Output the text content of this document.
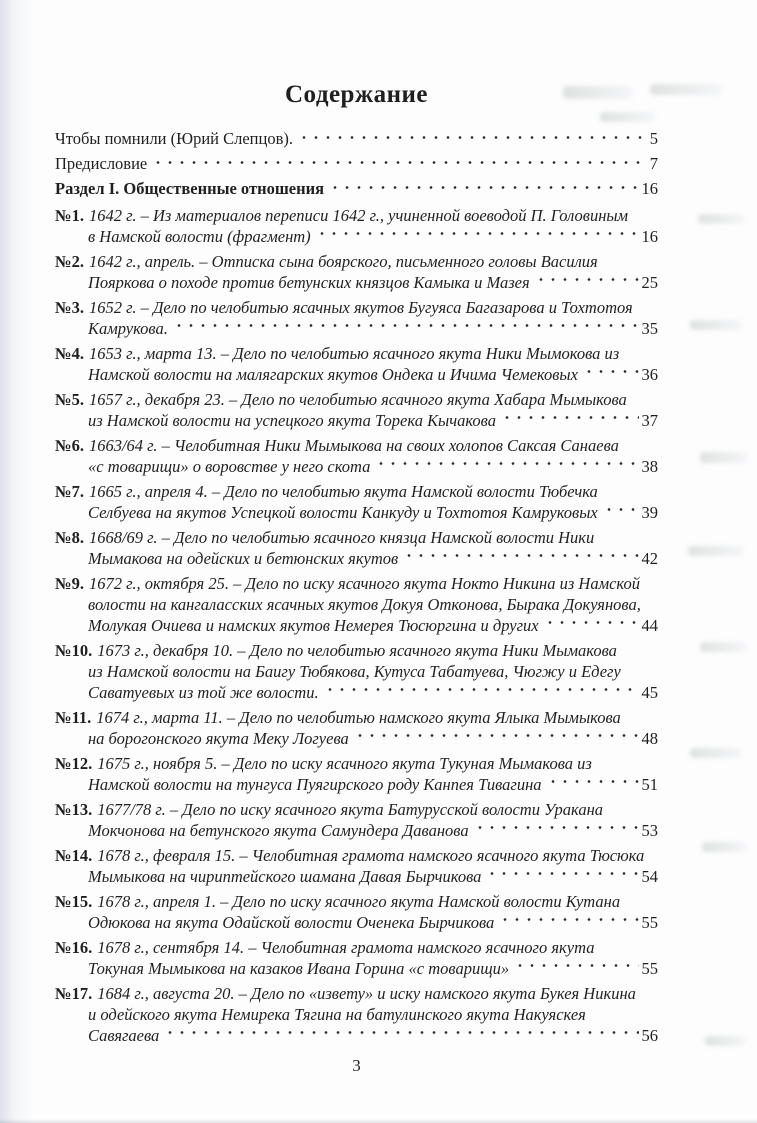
Содержание
Чтобы помнили (Юрий Слепцов).	5
Предисловие	7
Раздел I. Общественные отношения	16
№1. 1642 г. – Из материалов переписи 1642 г., учиненной воеводой П. Головиным
в Намской волости (фрагмент)	16
№2. 1642 г., апрель. – Отписка сына боярского, письменного головы Василия
Пояркова о походе против бетунских князцов Камыка и Мазея	25
№3. 1652 г. – Дело по челобитью ясачных якутов Бугуяса Багазарова и Тохтотоя
Камрукова.	35
№4. 1653 г., марта 13. – Дело по челобитью ясачного якута Ники Мымокова из
Намской волости на малягарских якутов Ондека и Ичима Чемековых	36
№5. 1657 г., декабря 23. – Дело по челобитью ясачного якута Хабара Мымыкова
из Намской волости на успецкого якута Торека Кычакова	37
№6. 1663/64 г. – Челобитная Ники Мымыкова на своих холопов Саксая Санаева
«с товарищи» о воровстве у него скота	38
№7. 1665 г., апреля 4. – Дело по челобитью якута Намской волости Тюбечка
Селбуева на якутов Успецкой волости Канкуду и Тохтотоя Камруковых	39
№8. 1668/69 г. – Дело по челобитью ясачного князца Намской волости Ники
Мымакова на одейских и бетюнских якутов	42
№9. 1672 г., октября 25. – Дело по иску ясачного якута Нокто Никина из Намской
волости на кангаласских ясачных якутов Докуя Отконова, Бырака Докуянова,
Молукая Очиева и намских якутов Немерея Тюсюргина и других	44
№10. 1673 г., декабря 10. – Дело по челобитью ясачного якута Ники Мымакова
из Намской волости на Баигу Тюбякова, Кутуса Табатуева, Чюгжу и Едегу
Саватуевых из той же волости.	45
№11. 1674 г., марта 11. – Дело по челобитью намского якута Ялыка Мымыкова
на борогонского якута Меку Логуева	48
№12. 1675 г., ноября 5. – Дело по иску ясачного якута Тукуная Мымакова из
Намской волости на тунгуса Пуягирского роду Канпея Тивагина	51
№13. 1677/78 г. – Дело по иску ясачного якута Батурусской волости Уракана
Мокчонова на бетунского якута Самундера Даванова	53
№14. 1678 г., февраля 15. – Челобитная грамота намского ясачного якута Тюсюка
Мымыкова на чириптейского шамана Давая Бырчикова	54
№15. 1678 г., апреля 1. – Дело по иску ясачного якута Намской волости Кутана
Одюкова на якута Одайской волости Оченека Бырчикова	55
№16. 1678 г., сентября 14. – Челобитная грамота намского ясачного якута
Токуная Мымыкова на казаков Ивана Горина «с товарищи»	55
№17. 1684 г., августа 20. – Дело по «извету» и иску намского якута Букея Никина
и одейского якута Немирека Тягина на батулинского якута Накуяскея
Савягаева	56
3
